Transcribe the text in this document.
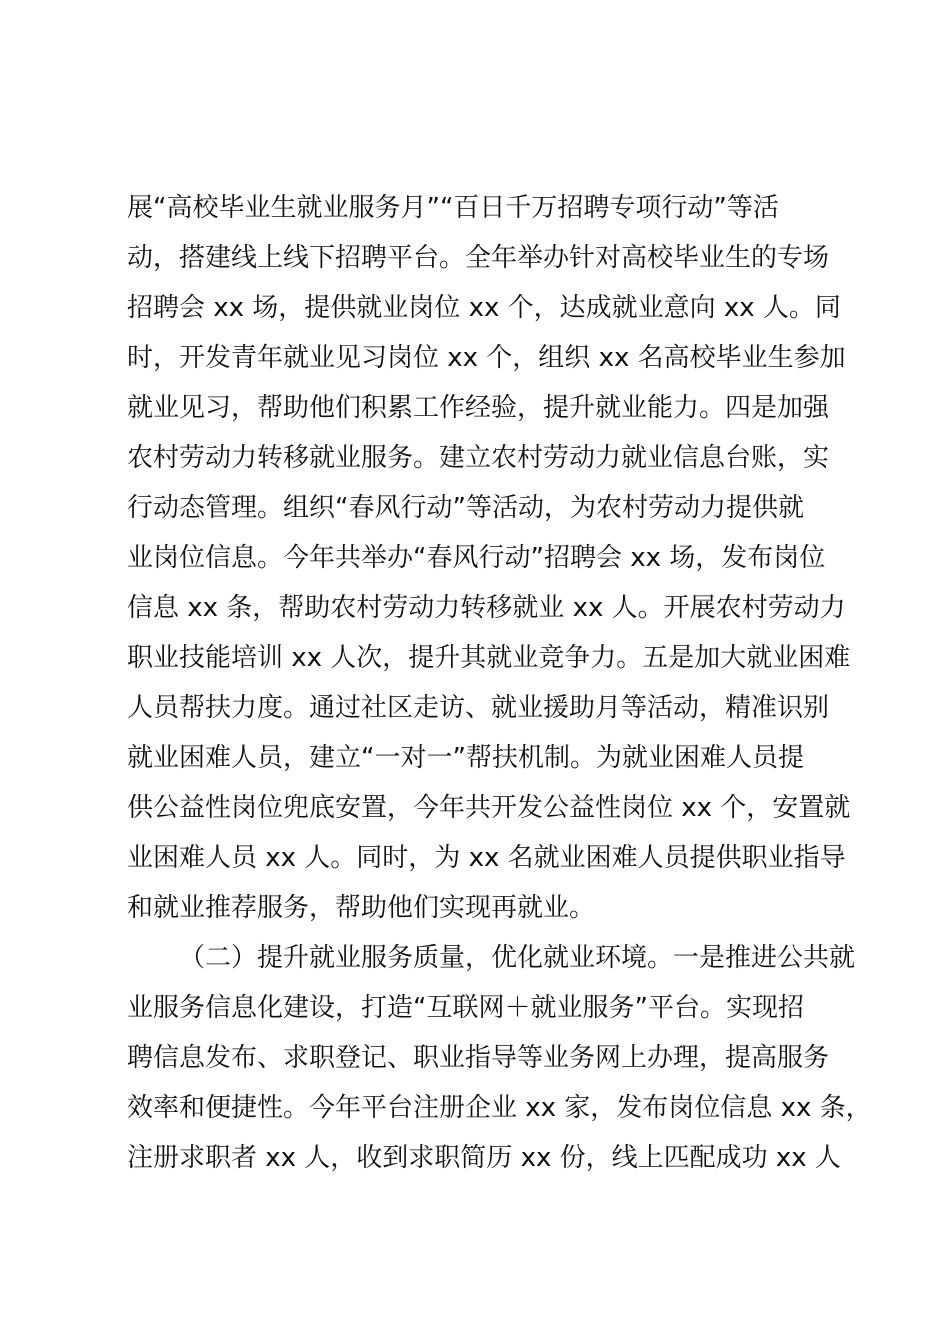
展“高校毕业生就业服务月”“百日千万招聘专项行动”等活
动，搭建线上线下招聘平台。全年举办针对高校毕业生的专场
招聘会 xx 场，提供就业岗位 xx 个，达成就业意向 xx 人。同
时，开发青年就业见习岗位 xx 个，组织 xx 名高校毕业生参加
就业见习，帮助他们积累工作经验，提升就业能力。四是加强
农村劳动力转移就业服务。建立农村劳动力就业信息台账，实
行动态管理。组织“春风行动”等活动，为农村劳动力提供就
业岗位信息。今年共举办“春风行动”招聘会 xx 场，发布岗位
信息 xx 条，帮助农村劳动力转移就业 xx 人。开展农村劳动力
职业技能培训 xx 人次，提升其就业竞争力。五是加大就业困难
人员帮扶力度。通过社区走访、就业援助月等活动，精准识别
就业困难人员，建立“一对一”帮扶机制。为就业困难人员提
供公益性岗位兜底安置，今年共开发公益性岗位 xx 个，安置就
业困难人员 xx 人。同时，为 xx 名就业困难人员提供职业指导
和就业推荐服务，帮助他们实现再就业。
（二）提升就业服务质量，优化就业环境。一是推进公共就
业服务信息化建设，打造“互联网＋就业服务”平台。实现招
聘信息发布、求职登记、职业指导等业务网上办理，提高服务
效率和便捷性。今年平台注册企业 xx 家，发布岗位信息 xx 条，
注册求职者 xx 人，收到求职简历 xx 份，线上匹配成功 xx 人
